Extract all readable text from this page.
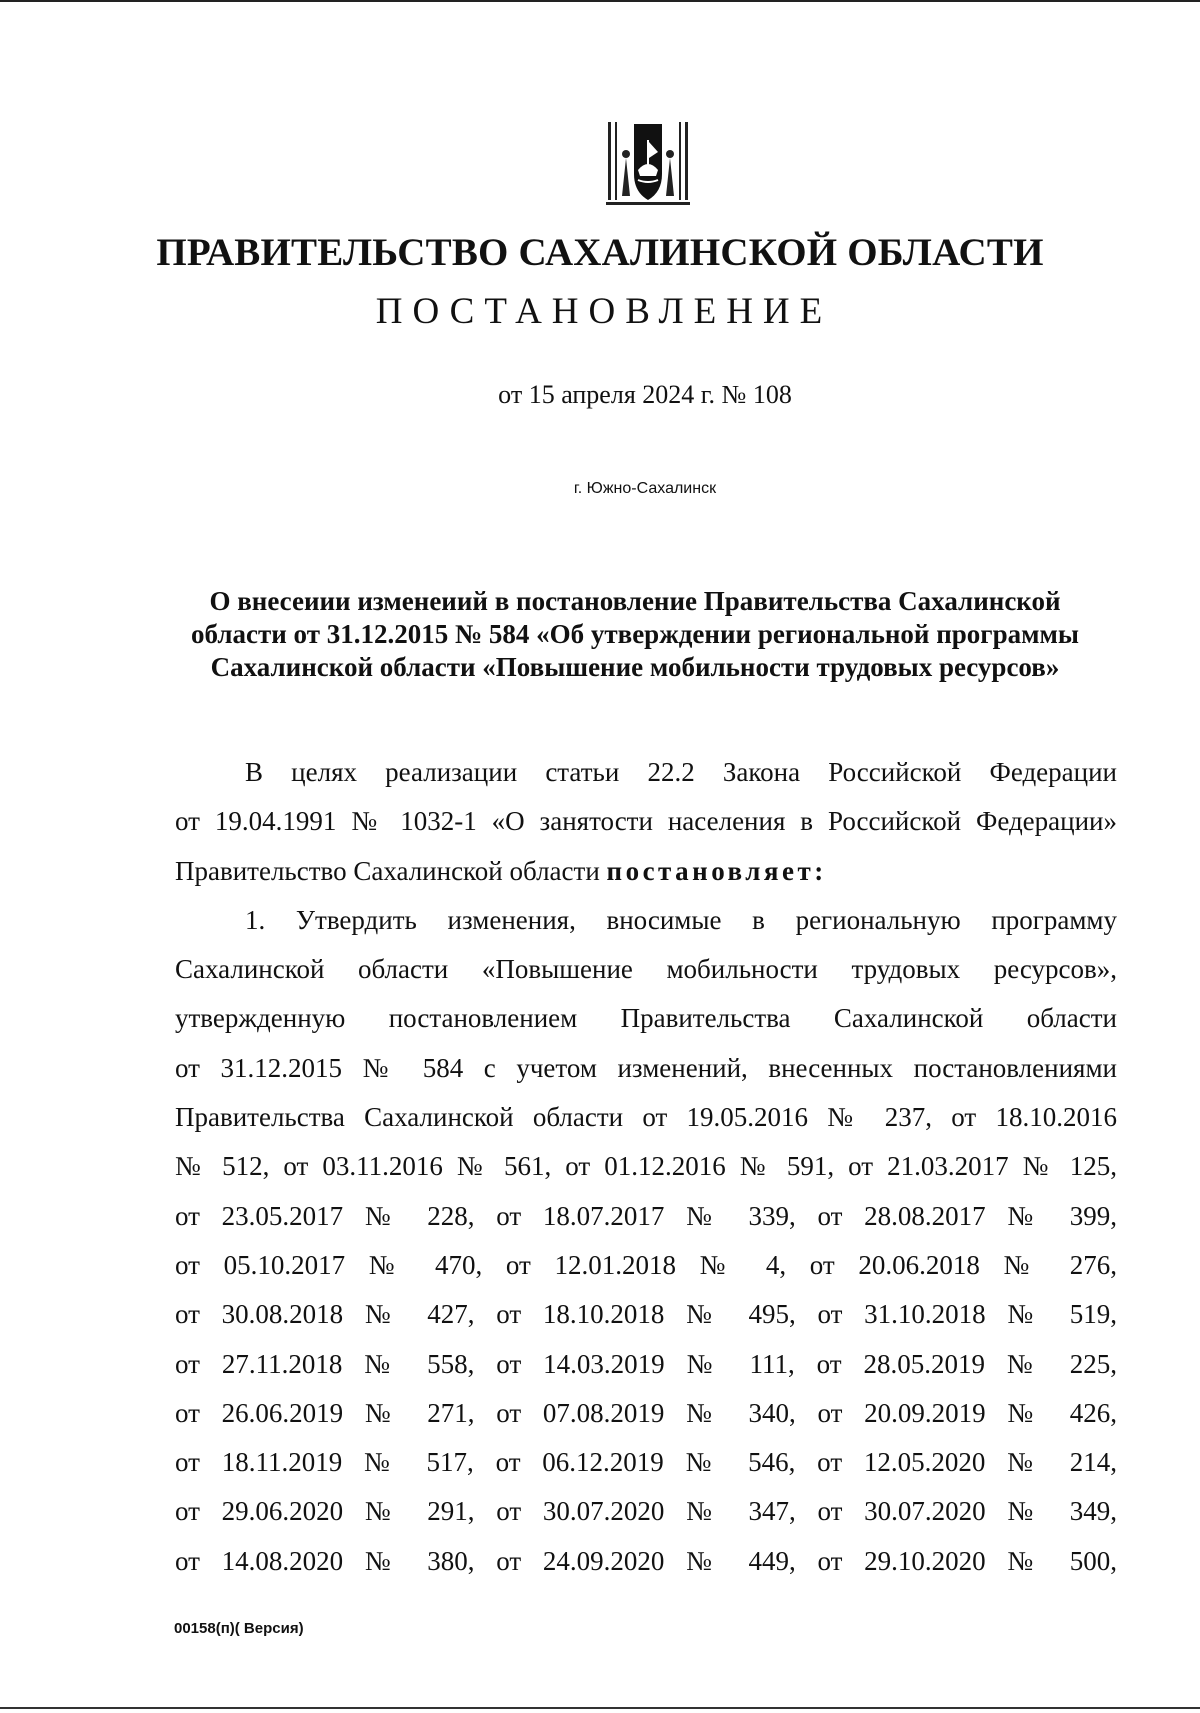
ПРАВИТЕЛЬСТВО САХАЛИНСКОЙ ОБЛАСТИ
ПОСТАНОВЛЕНИЕ
от 15 апреля 2024 г. № 108
г. Южно-Сахалинск
О внесеиии изменеиий в постановление Правительства Сахалинской
области от 31.12.2015 № 584 «Об утверждении региональной программы
Сахалинской области «Повышение мобильности трудовых ресурсов»
В целях реализации статьи 22.2 Закона Российской Федерации
от 19.04.1991 № 1032-1 «О занятости населения в Российской Федерации»
Правительство Сахалинской области постановляет:
1. Утвердить изменения, вносимые в региональную программу
Сахалинской области «Повышение мобильности трудовых ресурсов»,
утвержденную постановлением Правительства Сахалинской области
от 31.12.2015 № 584 с учетом изменений, внесенных постановлениями
Правительства Сахалинской области от 19.05.2016 № 237, от 18.10.2016
№ 512, от 03.11.2016 № 561, от 01.12.2016 № 591, от 21.03.2017 № 125,
от 23.05.2017 № 228, от 18.07.2017 № 339, от 28.08.2017 № 399,
от 05.10.2017 № 470, от 12.01.2018 № 4, от 20.06.2018 № 276,
от 30.08.2018 № 427, от 18.10.2018 № 495, от 31.10.2018 № 519,
от 27.11.2018 № 558, от 14.03.2019 № 111, от 28.05.2019 № 225,
от 26.06.2019 № 271, от 07.08.2019 № 340, от 20.09.2019 № 426,
от 18.11.2019 № 517, от 06.12.2019 № 546, от 12.05.2020 № 214,
от 29.06.2020 № 291, от 30.07.2020 № 347, от 30.07.2020 № 349,
от 14.08.2020 № 380, от 24.09.2020 № 449, от 29.10.2020 № 500,
00158(п)( Версия)
